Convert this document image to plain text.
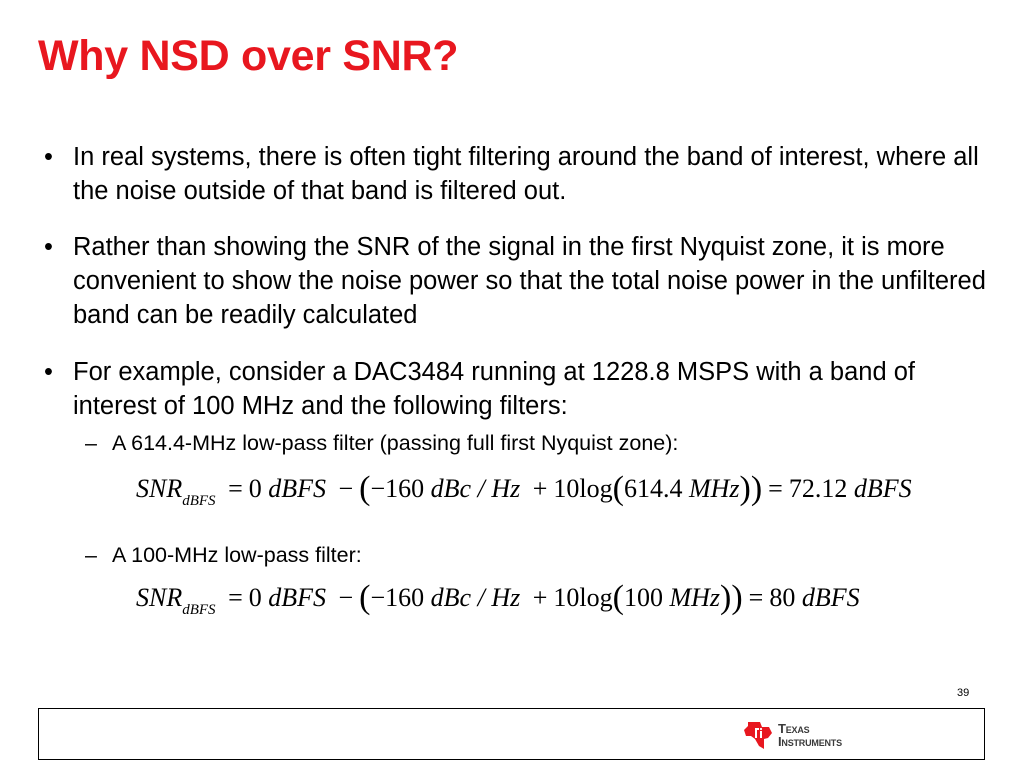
Why NSD over SNR?
• In real systems, there is often tight filtering around the band of interest, where all the noise outside of that band is filtered out.
• Rather than showing the SNR of the signal in the first Nyquist zone, it is more convenient to show the noise power so that the total noise power in the unfiltered band can be readily calculated
• For example, consider a DAC3484 running at 1228.8 MSPS with a band of interest of 100 MHz and the following filters:
– A 614.4-MHz low-pass filter (passing full first Nyquist zone):
$SNR_{dBFS} = 0$ dBFS − (−160 dBc / Hz + 10log(614.4 MHz)) = 72.12 dBFS
– A 100-MHz low-pass filter:
$SNR_{dBFS} = 0$ dBFS − (−160 dBc / Hz + 10log(100 MHz)) = 80 dBFS
39
Texas
Instruments
